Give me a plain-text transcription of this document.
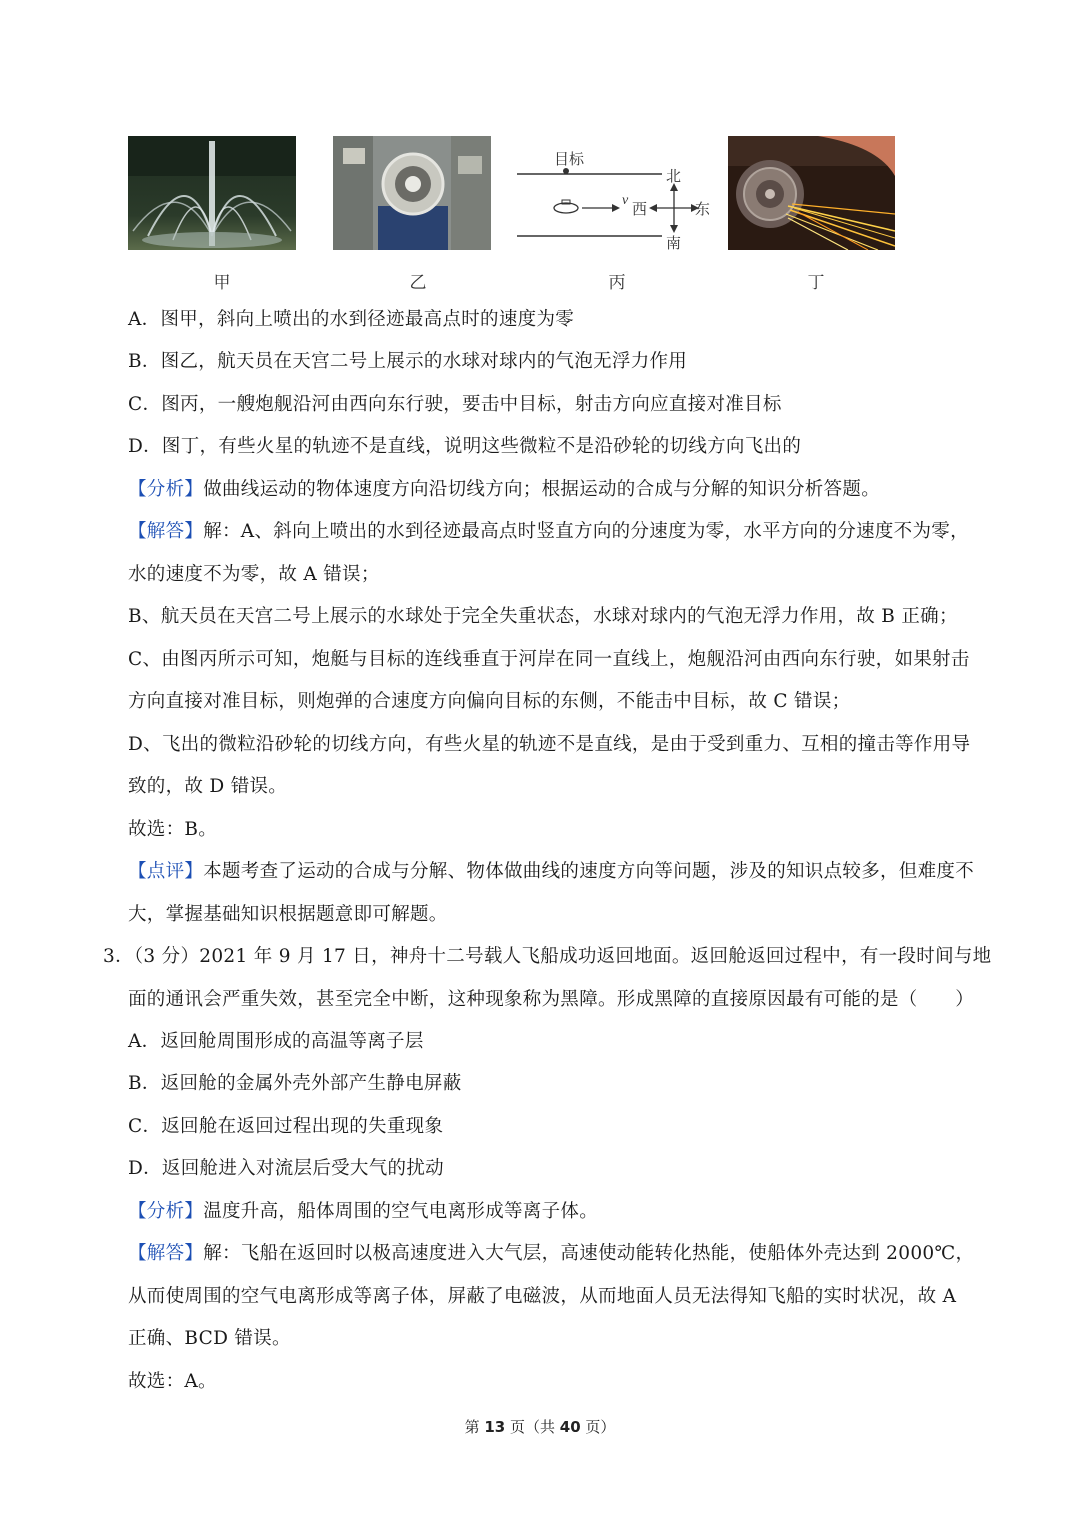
甲	乙
目标
v
北
南
西	东
丙	丁
A．图甲，斜向上喷出的水到径迹最高点时的速度为零
B．图乙，航天员在天宫二号上展示的水球对球内的气泡无浮力作用
C．图丙，一艘炮舰沿河由西向东行驶，要击中目标，射击方向应直接对准目标
D．图丁，有些火星的轨迹不是直线，说明这些微粒不是沿砂轮的切线方向飞出的
【分析】做曲线运动的物体速度方向沿切线方向；根据运动的合成与分解的知识分析答题。
【解答】解：A、斜向上喷出的水到径迹最高点时竖直方向的分速度为零，水平方向的分速度不为零，
水的速度不为零，故 A 错误；
B、航天员在天宫二号上展示的水球处于完全失重状态，水球对球内的气泡无浮力作用，故 B 正确；
C、由图丙所示可知，炮艇与目标的连线垂直于河岸在同一直线上，炮舰沿河由西向东行驶，如果射击
方向直接对准目标，则炮弹的合速度方向偏向目标的东侧，不能击中目标，故 C 错误；
D、飞出的微粒沿砂轮的切线方向，有些火星的轨迹不是直线，是由于受到重力、互相的撞击等作用导
致的，故 D 错误。
故选：B。
【点评】本题考查了运动的合成与分解、物体做曲线的速度方向等问题，涉及的知识点较多，但难度不
大，掌握基础知识根据题意即可解题。
3．（3 分）2021 年 9 月 17 日，神舟十二号载人飞船成功返回地面。返回舱返回过程中，有一段时间与地
面的通讯会严重失效，甚至完全中断，这种现象称为黑障。形成黑障的直接原因最有可能的是（　　）
A．返回舱周围形成的高温等离子层
B．返回舱的金属外壳外部产生静电屏蔽
C．返回舱在返回过程出现的失重现象
D．返回舱进入对流层后受大气的扰动
【分析】温度升高，船体周围的空气电离形成等离子体。
【解答】解：飞船在返回时以极高速度进入大气层，高速使动能转化热能，使船体外壳达到 2000℃，
从而使周围的空气电离形成等离子体，屏蔽了电磁波，从而地面人员无法得知飞船的实时状况，故 A
正确、BCD 错误。
故选：A。
第 13 页（共 40 页）
